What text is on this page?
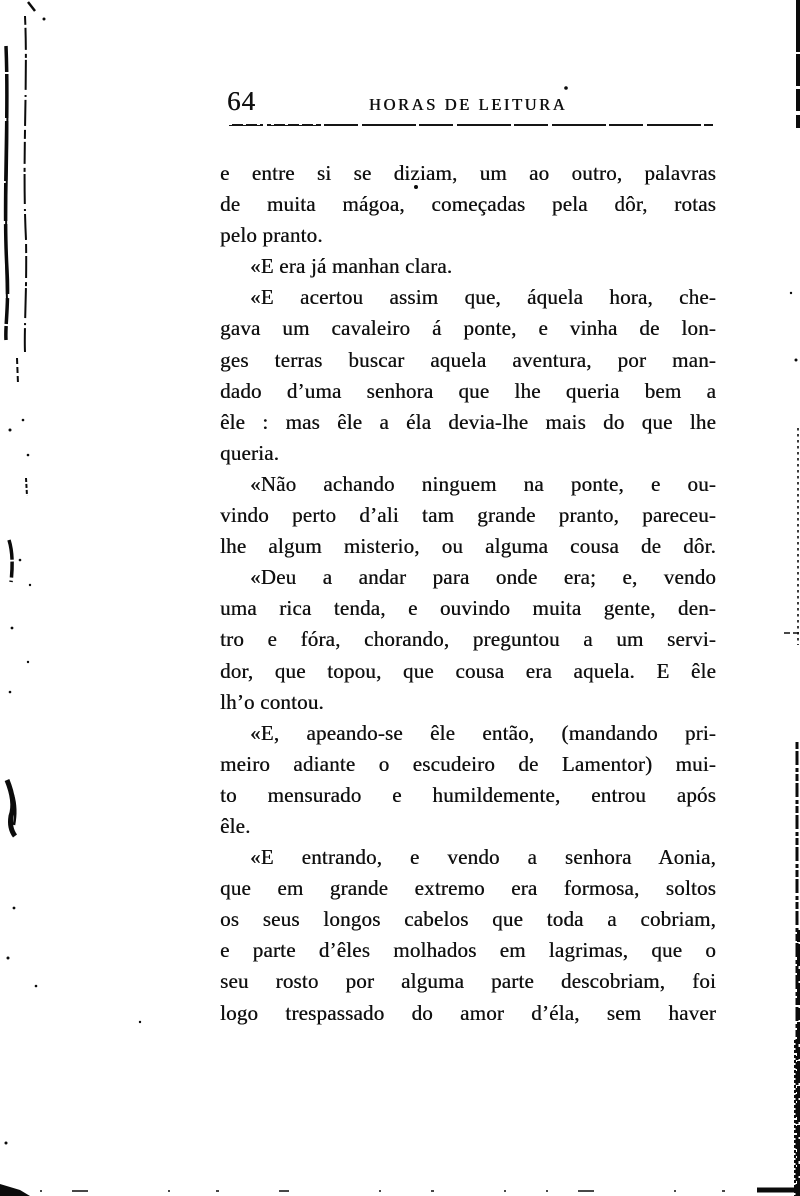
64	HORAS DE LEITURA
e entre si se diziam, um ao outro, palavras
de muita mágoa, começadas pela dôr, rotas
pelo pranto.
«E era já manhan clara.
«E acertou assim que, áquela hora, che-
gava um cavaleiro á ponte, e vinha de lon-
ges terras buscar aquela aventura, por man-
dado d’uma senhora que lhe queria bem a
êle : mas êle a éla devia-lhe mais do que lhe
queria.
«Não achando ninguem na ponte, e ou-
vindo perto d’ali tam grande pranto, pareceu-
lhe algum misterio, ou alguma cousa de dôr.
«Deu a andar para onde era; e, vendo
uma rica tenda, e ouvindo muita gente, den-
tro e fóra, chorando, preguntou a um servi-
dor, que topou, que cousa era aquela. E êle
lh’o contou.
«E, apeando-se êle então, (mandando pri-
meiro adiante o escudeiro de Lamentor) mui-
to mensurado e humildemente, entrou após
êle.
«E entrando, e vendo a senhora Aonia,
que em grande extremo era formosa, soltos
os seus longos cabelos que toda a cobriam,
e parte d’êles molhados em lagrimas, que o
seu rosto por alguma parte descobriam, foi
logo trespassado do amor d’éla, sem haver
